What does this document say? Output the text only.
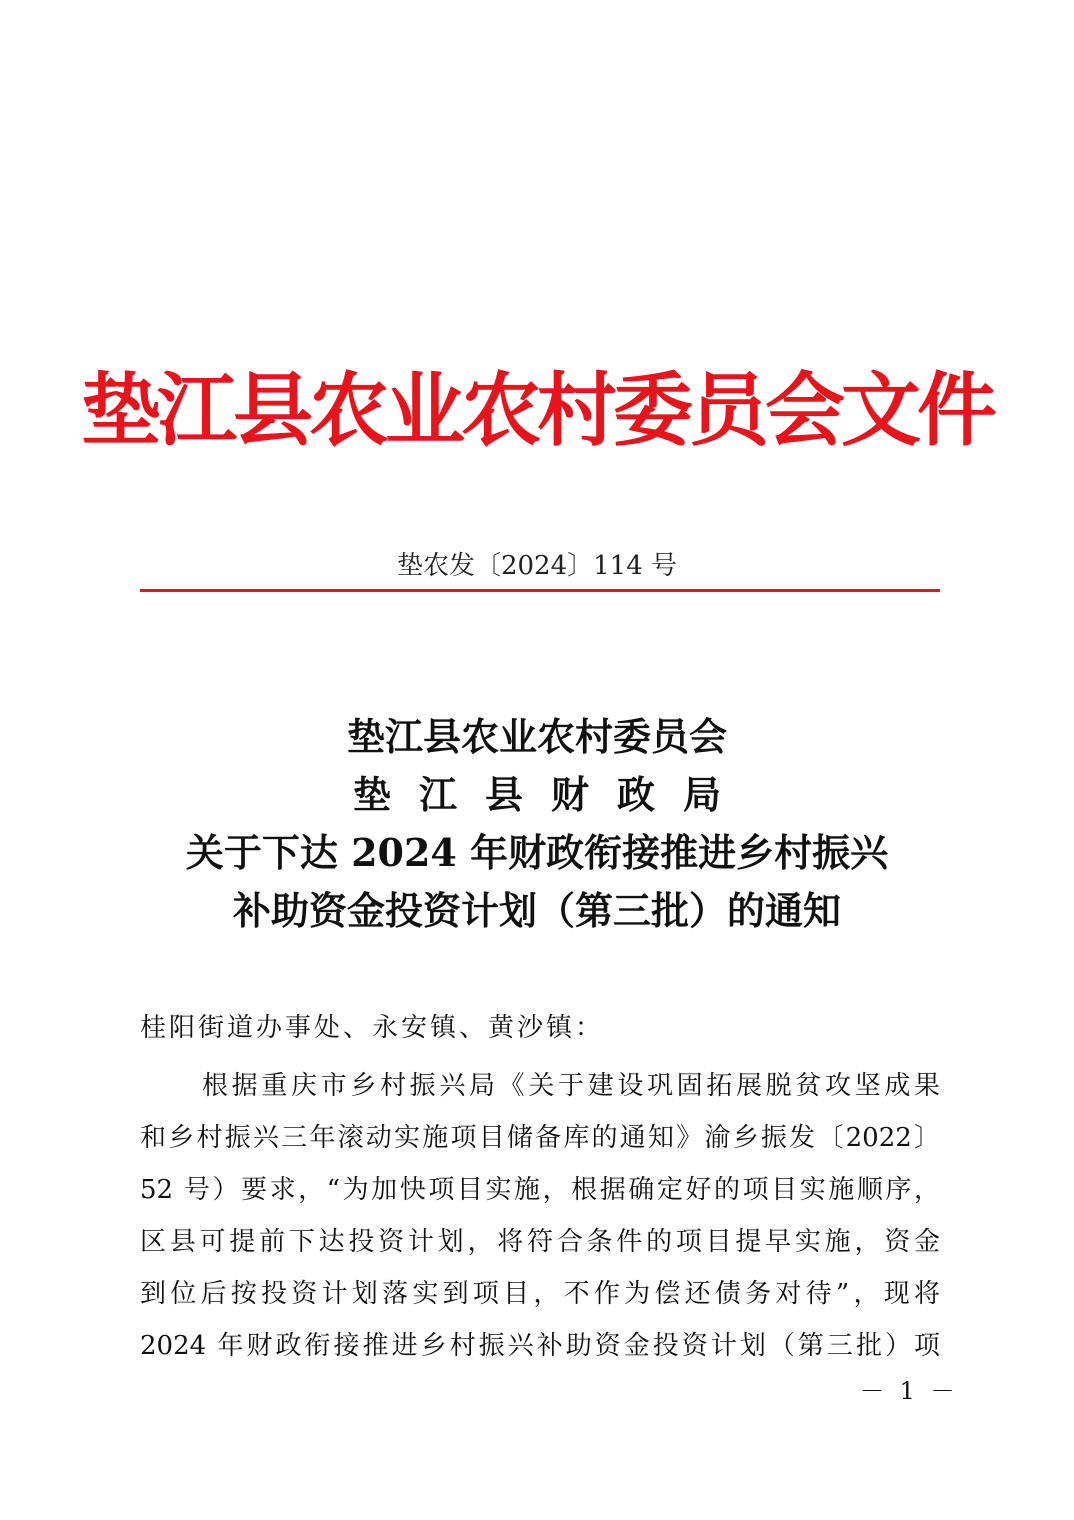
垫江县农业农村委员会文件
垫农发〔2024〕114 号
垫江县农业农村委员会
垫江县财政局
关于下达 2024 年财政衔接推进乡村振兴
补助资金投资计划（第三批）的通知
桂阳街道办事处、永安镇、黄沙镇：
根据重庆市乡村振兴局《关于建设巩固拓展脱贫攻坚成果
和乡村振兴三年滚动实施项目储备库的通知》渝乡振发〔2022〕
52 号）要求，“为加快项目实施，根据确定好的项目实施顺序，
区县可提前下达投资计划，将符合条件的项目提早实施，资金
到位后按投资计划落实到项目，不作为偿还债务对待”，现将
2024 年财政衔接推进乡村振兴补助资金投资计划（第三批）项
－ 1 －
